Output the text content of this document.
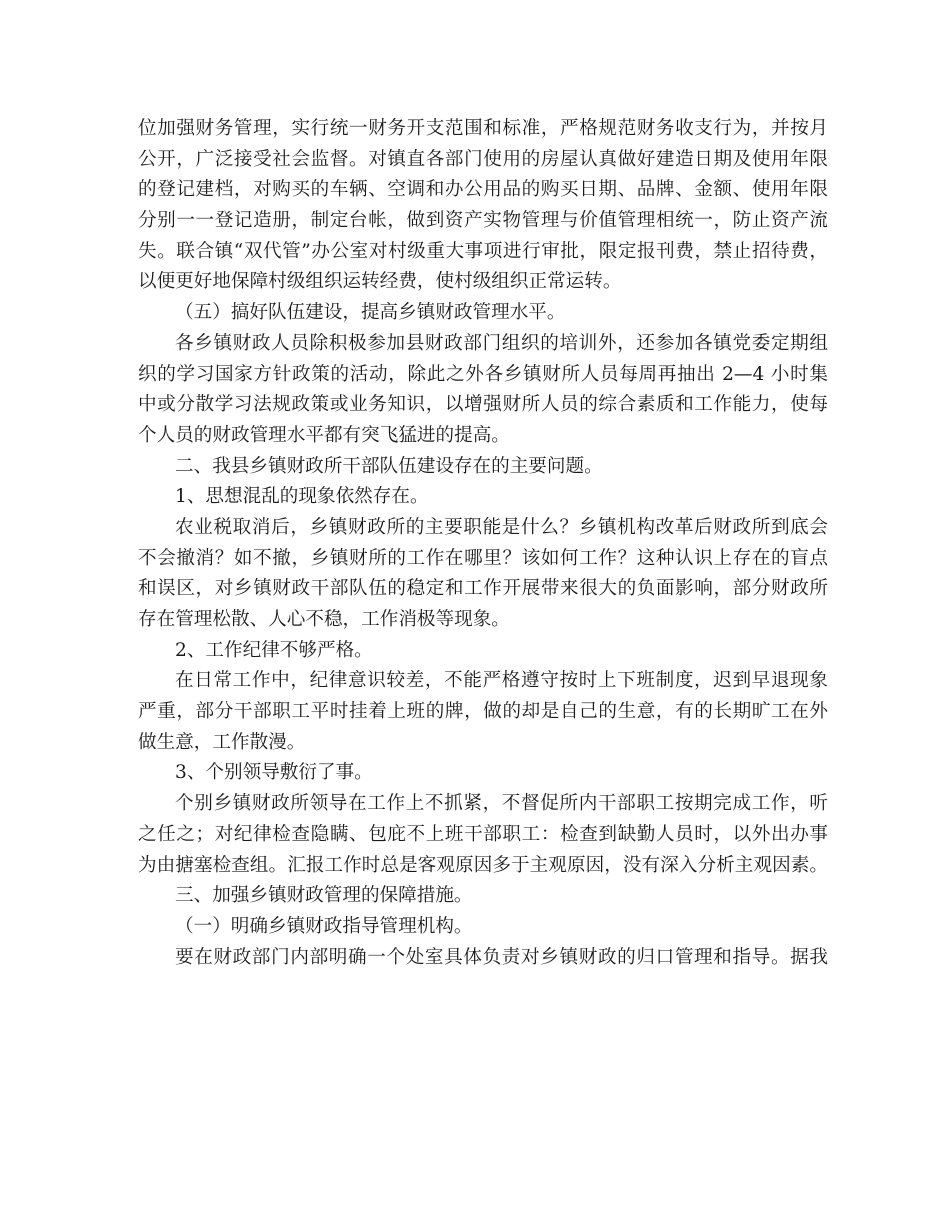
位加强财务管理，实行统一财务开支范围和标准，严格规范财务收支行为，并按月
公开，广泛接受社会监督。对镇直各部门使用的房屋认真做好建造日期及使用年限
的登记建档，对购买的车辆、空调和办公用品的购买日期、品牌、金额、使用年限
分别一一登记造册，制定台帐，做到资产实物管理与价值管理相统一，防止资产流
失。联合镇“双代管”办公室对村级重大事项进行审批，限定报刊费，禁止招待费，
以便更好地保障村级组织运转经费，使村级组织正常运转。
（五）搞好队伍建设，提高乡镇财政管理水平。
各乡镇财政人员除积极参加县财政部门组织的培训外，还参加各镇党委定期组
织的学习国家方针政策的活动，除此之外各乡镇财所人员每周再抽出 2—4 小时集
中或分散学习法规政策或业务知识，以增强财所人员的综合素质和工作能力，使每
个人员的财政管理水平都有突飞猛进的提高。
二、我县乡镇财政所干部队伍建设存在的主要问题。
1、思想混乱的现象依然存在。
农业税取消后，乡镇财政所的主要职能是什么？乡镇机构改革后财政所到底会
不会撤消？如不撤，乡镇财所的工作在哪里？该如何工作？这种认识上存在的盲点
和误区，对乡镇财政干部队伍的稳定和工作开展带来很大的负面影响，部分财政所
存在管理松散、人心不稳，工作消极等现象。
2、工作纪律不够严格。
在日常工作中，纪律意识较差，不能严格遵守按时上下班制度，迟到早退现象
严重，部分干部职工平时挂着上班的牌，做的却是自己的生意，有的长期旷工在外
做生意，工作散漫。
3、个别领导敷衍了事。
个别乡镇财政所领导在工作上不抓紧，不督促所内干部职工按期完成工作，听
之任之；对纪律检查隐瞒、包庇不上班干部职工：检查到缺勤人员时，以外出办事
为由搪塞检查组。汇报工作时总是客观原因多于主观原因，没有深入分析主观因素。
三、加强乡镇财政管理的保障措施。
（一）明确乡镇财政指导管理机构。
要在财政部门内部明确一个处室具体负责对乡镇财政的归口管理和指导。据我
